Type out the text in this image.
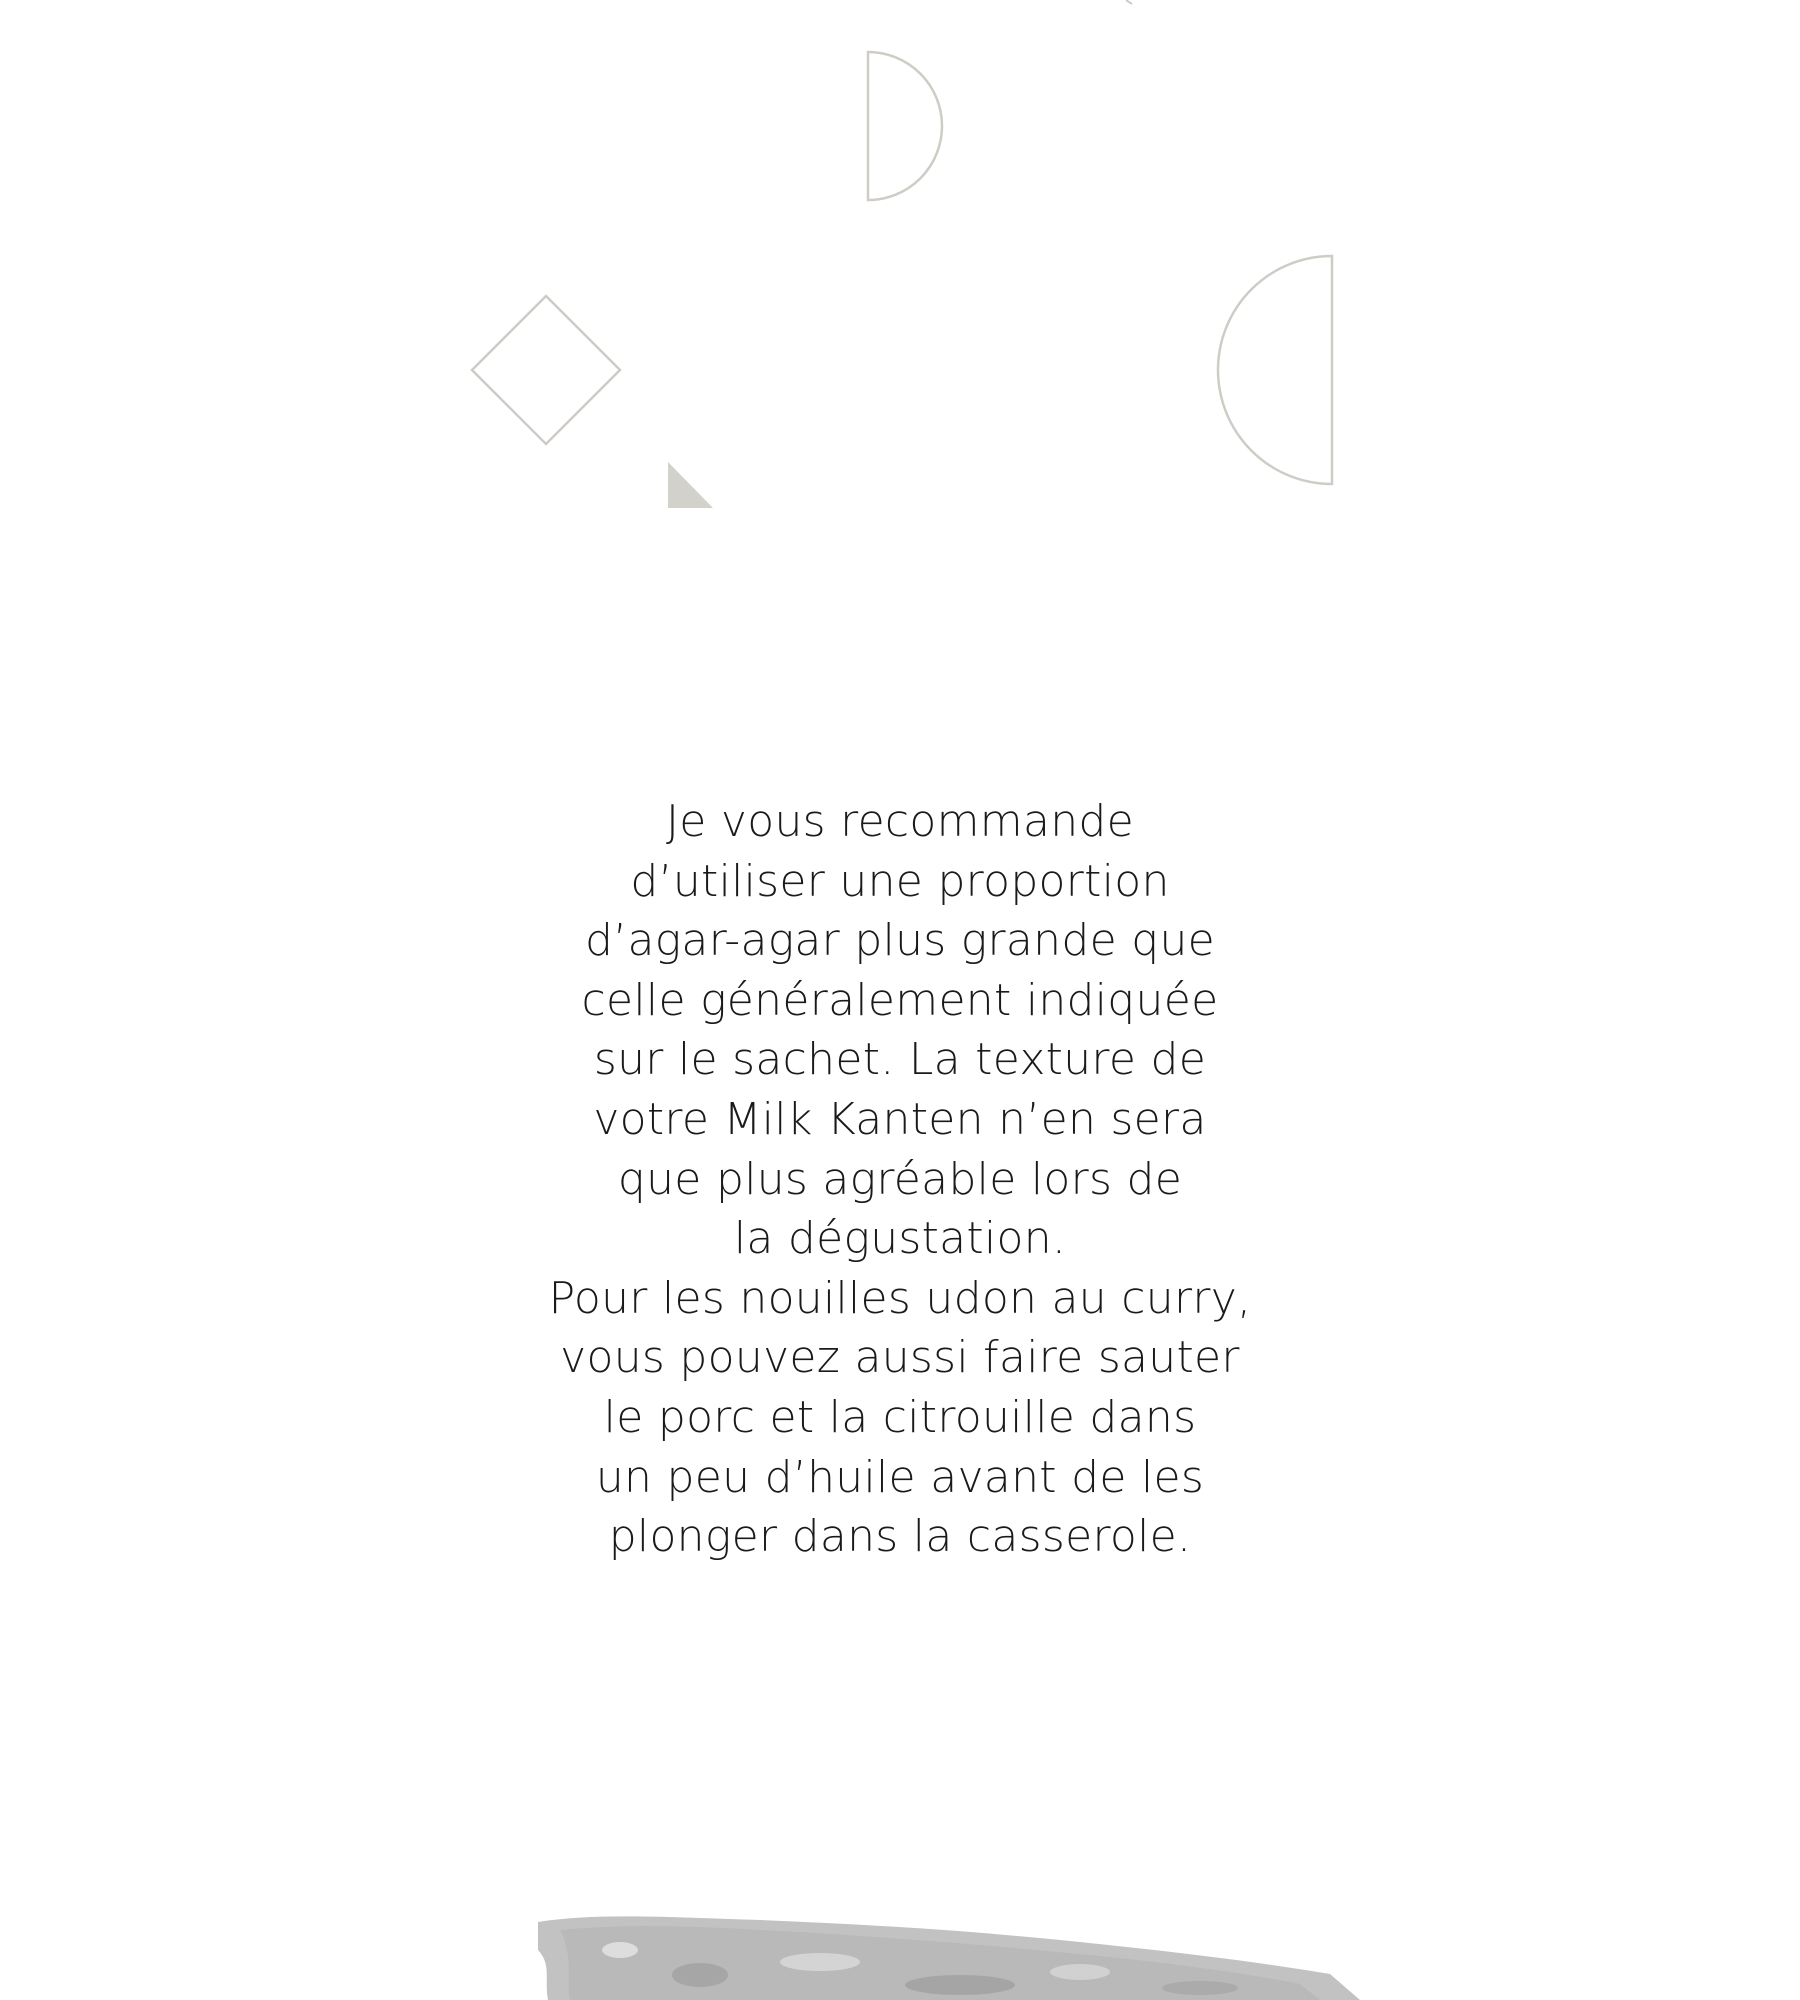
Je vous recommande
d’utiliser une proportion
d’agar-agar plus grande que
celle généralement indiquée
sur le sachet. La texture de
votre Milk Kanten n’en sera
que plus agréable lors de
la dégustation.
Pour les nouilles udon au curry,
vous pouvez aussi faire sauter
le porc et la citrouille dans
un peu d’huile avant de les
plonger dans la casserole.
